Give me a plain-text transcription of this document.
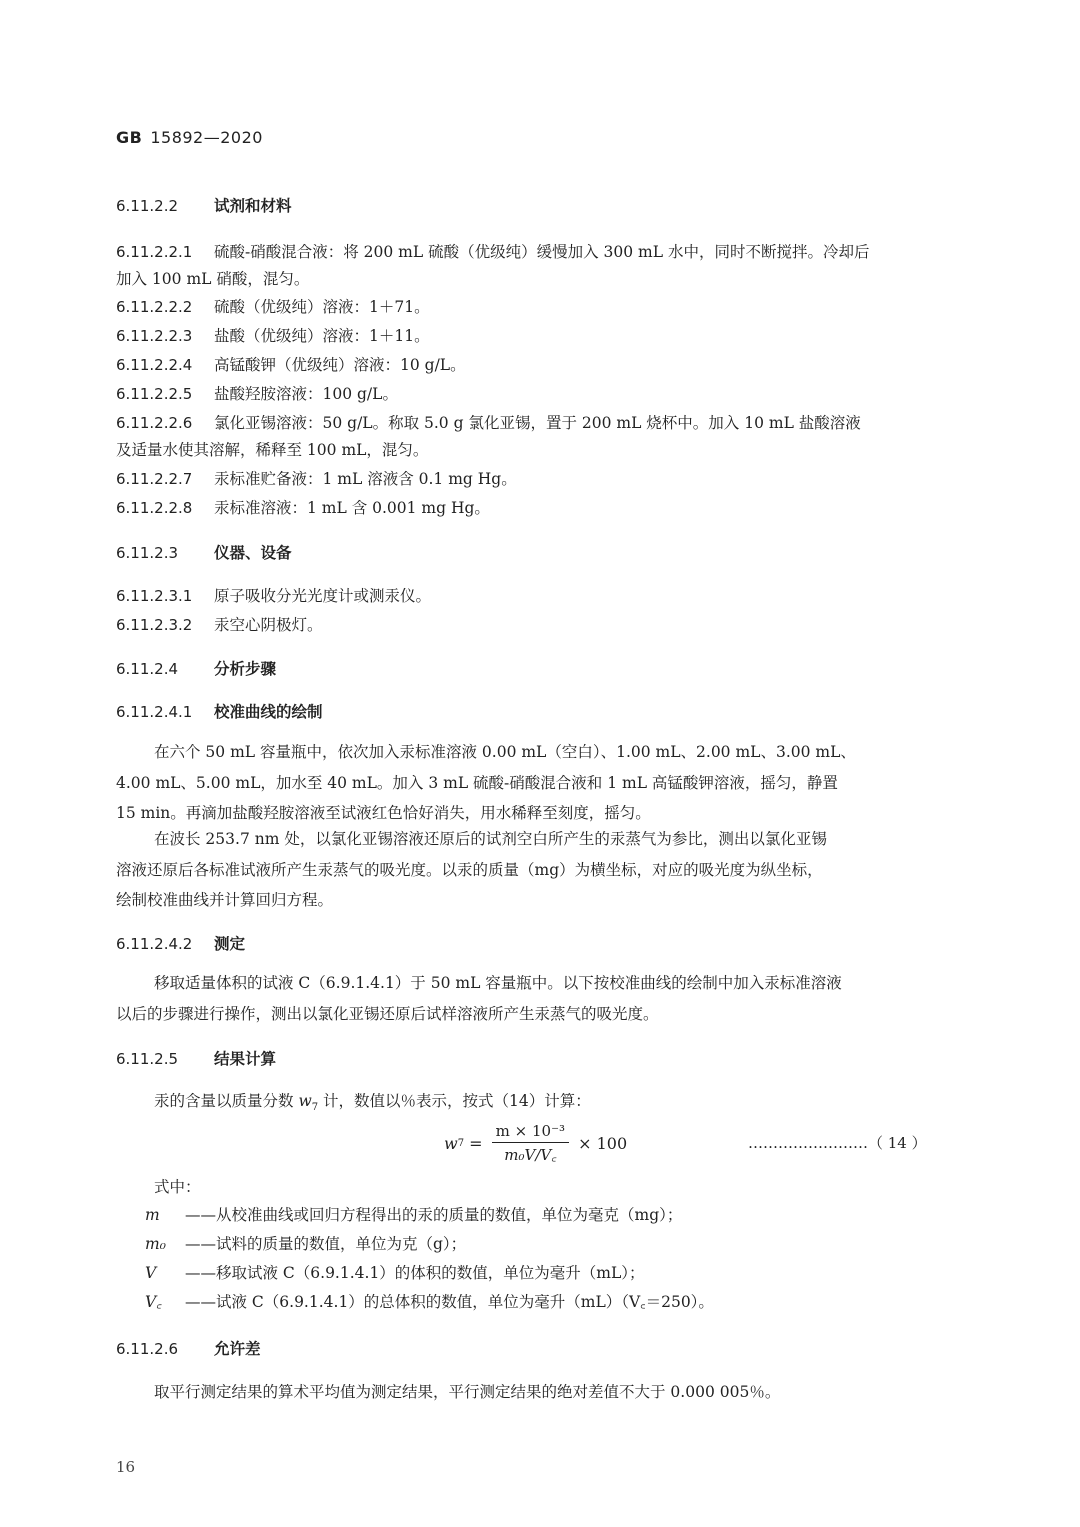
GB 15892—2020
6.11.2.2 试剂和材料
6.11.2.2.1 硫酸-硝酸混合液：将 200 mL 硫酸（优级纯）缓慢加入 300 mL 水中，同时不断搅拌。冷却后
加入 100 mL 硝酸，混匀。
6.11.2.2.2 硫酸（优级纯）溶液：1＋71。
6.11.2.2.3 盐酸（优级纯）溶液：1＋11。
6.11.2.2.4 高锰酸钾（优级纯）溶液：10 g/L。
6.11.2.2.5 盐酸羟胺溶液：100 g/L。
6.11.2.2.6 氯化亚锡溶液：50 g/L。称取 5.0 g 氯化亚锡，置于 200 mL 烧杯中。加入 10 mL 盐酸溶液
及适量水使其溶解，稀释至 100 mL，混匀。
6.11.2.2.7 汞标准贮备液：1 mL 溶液含 0.1 mg Hg。
6.11.2.2.8 汞标准溶液：1 mL 含 0.001 mg Hg。
6.11.2.3 仪器、设备
6.11.2.3.1 原子吸收分光光度计或测汞仪。
6.11.2.3.2 汞空心阴极灯。
6.11.2.4 分析步骤
6.11.2.4.1 校准曲线的绘制
在六个 50 mL 容量瓶中，依次加入汞标准溶液 0.00 mL（空白）、1.00 mL、2.00 mL、3.00 mL、
4.00 mL、5.00 mL，加水至 40 mL。加入 3 mL 硫酸-硝酸混合液和 1 mL 高锰酸钾溶液，摇匀，静置
15 min。再滴加盐酸羟胺溶液至试液红色恰好消失，用水稀释至刻度，摇匀。
在波长 253.7 nm 处，以氯化亚锡溶液还原后的试剂空白所产生的汞蒸气为参比，测出以氯化亚锡
溶液还原后各标准试液所产生汞蒸气的吸光度。以汞的质量（mg）为横坐标，对应的吸光度为纵坐标，
绘制校准曲线并计算回归方程。
6.11.2.4.2 测定
移取适量体积的试液 C（6.9.1.4.1）于 50 mL 容量瓶中。以下按校准曲线的绘制中加入汞标准溶液
以后的步骤进行操作，测出以氯化亚锡还原后试样溶液所产生汞蒸气的吸光度。
6.11.2.5 结果计算
汞的含量以质量分数 $w_7$ 计，数值以％表示，按式（14）计算：
w $7 = \frac{\text{m × 10⁻³}}{\text{m₀V/V꜀}} \times 100$	……………………（ 14 ）
式中：
m ——从校准曲线或回归方程得出的汞的质量的数值，单位为毫克（mg）；
m₀ ——试料的质量的数值，单位为克（g）；
V ——移取试液 C（6.9.1.4.1）的体积的数值，单位为毫升（mL）；
V꜀ ——试液 C（6.9.1.4.1）的总体积的数值，单位为毫升（mL）（V꜀＝250）。
6.11.2.6 允许差
取平行测定结果的算术平均值为测定结果，平行测定结果的绝对差值不大于 0.000 005％。
16
